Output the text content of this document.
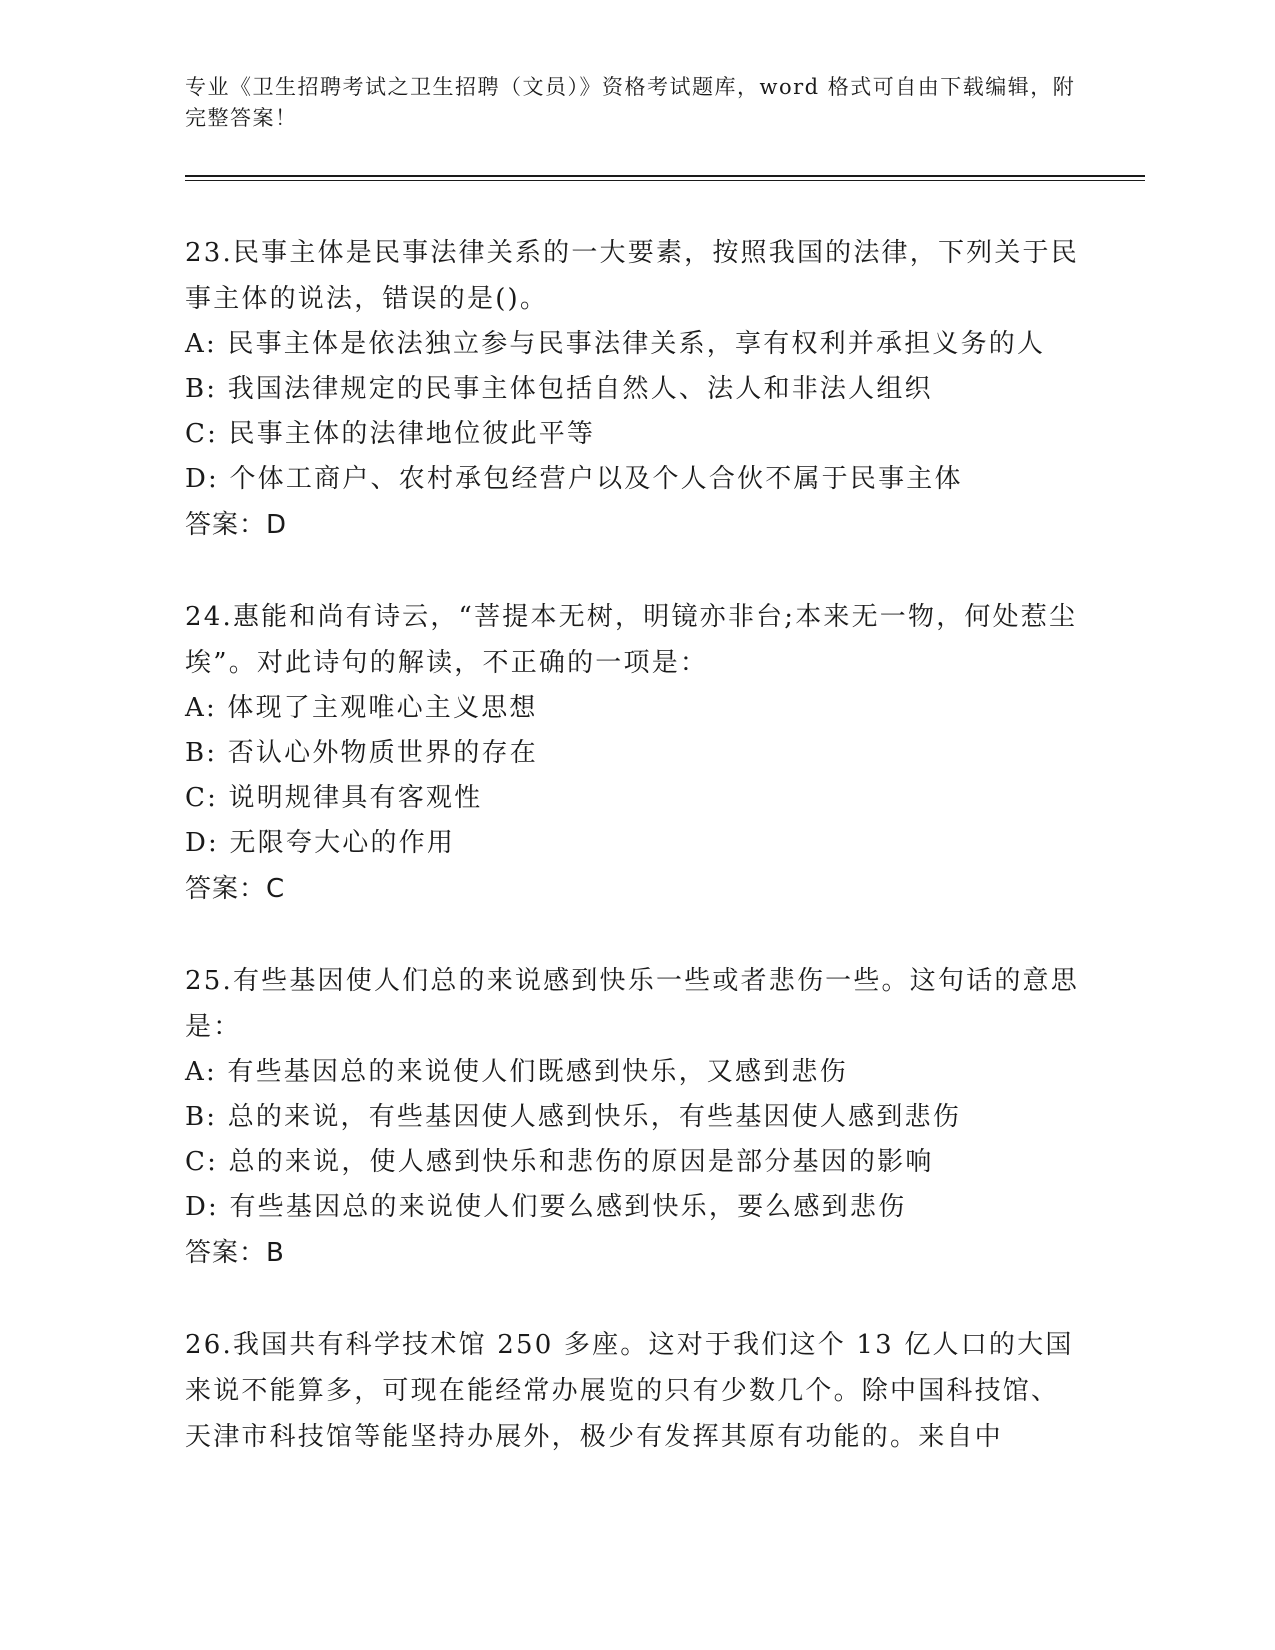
专业《卫生招聘考试之卫生招聘（文员）》资格考试题库，word 格式可自由下载编辑，附完整答案！

23.民事主体是民事法律关系的一大要素，按照我国的法律，下列关于民事主体的说法，错误的是()。

A: 民事主体是依法独立参与民事法律关系，享有权利并承担义务的人

B: 我国法律规定的民事主体包括自然人、法人和非法人组织

C: 民事主体的法律地位彼此平等

D: 个体工商户、农村承包经营户以及个人合伙不属于民事主体

答案：D

24.惠能和尚有诗云，“菩提本无树，明镜亦非台;本来无一物，何处惹尘埃”。对此诗句的解读，不正确的一项是：

A: 体现了主观唯心主义思想

B: 否认心外物质世界的存在

C: 说明规律具有客观性

D: 无限夸大心的作用

答案：C

25.有些基因使人们总的来说感到快乐一些或者悲伤一些。这句话的意思是：

A: 有些基因总的来说使人们既感到快乐，又感到悲伤

B: 总的来说，有些基因使人感到快乐，有些基因使人感到悲伤

C: 总的来说，使人感到快乐和悲伤的原因是部分基因的影响

D: 有些基因总的来说使人们要么感到快乐，要么感到悲伤

答案：B

26.我国共有科学技术馆 250 多座。这对于我们这个 13 亿人口的大国来说不能算多，可现在能经常办展览的只有少数几个。除中国科技馆、天津市科技馆等能坚持办展外，极少有发挥其原有功能的。来自中
